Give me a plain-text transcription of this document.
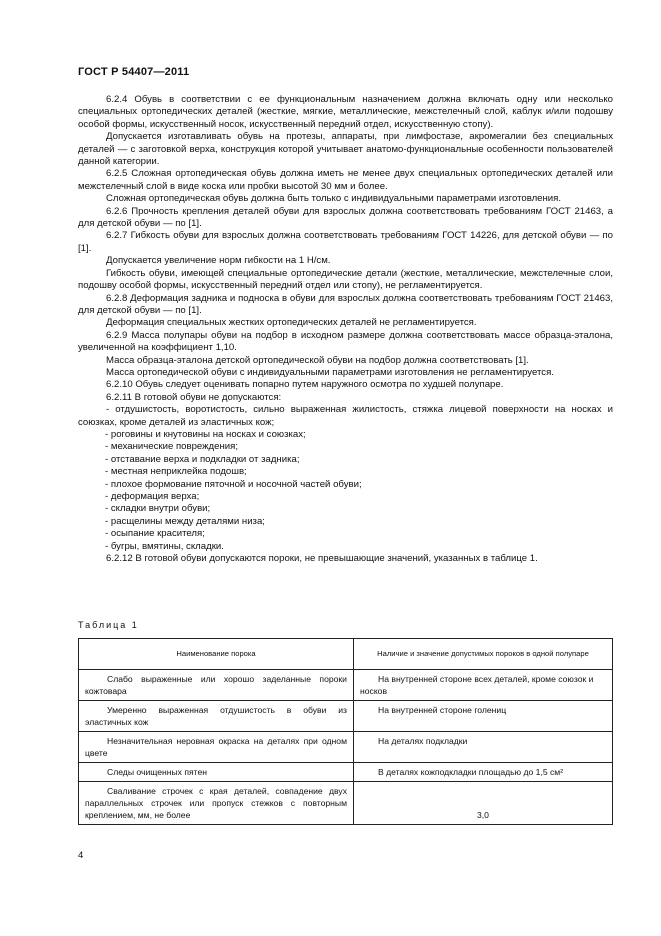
ГОСТ Р 54407—2011

6.2.4 Обувь в соответствии с ее функциональным назначением должна включать одну или несколько специальных ортопедических деталей (жесткие, мягкие, металлические, межстелечный слой, каблук и/или подошву особой формы, искусственный носок, искусственный передний отдел, искусственную стопу).

Допускается изготавливать обувь на протезы, аппараты, при лимфостазе, акромегалии без специальных деталей — с заготовкой верха, конструкция которой учитывает анатомо-функциональные особенности пользователей данной категории.

6.2.5 Сложная ортопедическая обувь должна иметь не менее двух специальных ортопедических деталей или межстелечный слой в виде коска или пробки высотой 30 мм и более.

Сложная ортопедическая обувь должна быть только с индивидуальными параметрами изготовления.

6.2.6 Прочность крепления деталей обуви для взрослых должна соответствовать требованиям ГОСТ 21463, а для детской обуви — по [1].

6.2.7 Гибкость обуви для взрослых должна соответствовать требованиям ГОСТ 14226, для детской обуви — по [1].

Допускается увеличение норм гибкости на 1 Н/см.

Гибкость обуви, имеющей специальные ортопедические детали (жесткие, металлические, межстелечные слои, подошву особой формы, искусственный передний отдел или стопу), не регламентируется.

6.2.8 Деформация задника и подноска в обуви для взрослых должна соответствовать требованиям ГОСТ 21463, для детской обуви — по [1].

Деформация специальных жестких ортопедических деталей не регламентируется.

6.2.9 Масса полупары обуви на подбор в исходном размере должна соответствовать массе образца-эталона, увеличенной на коэффициент 1,10.

Масса образца-эталона детской ортопедической обуви на подбор должна соответствовать [1].

Масса ортопедической обуви с индивидуальными параметрами изготовления не регламентируется.

6.2.10 Обувь следует оценивать попарно путем наружного осмотра по худшей полупаре.

6.2.11 В готовой обуви не допускаются:

- отдушистость, воротистость, сильно выраженная жилистость, стяжка лицевой поверхности на носках и союзках, кроме деталей из эластичных кож;

- роговины и кнутовины на носках и союзках;

- механические повреждения;

- отставание верха и подкладки от задника;

- местная неприклейка подошв;

- плохое формование пяточной и носочной частей обуви;

- деформация верха;

- складки внутри обуви;

- расщелины между деталями низа;

- осыпание красителя;

- бугры, вмятины, складки.

6.2.12 В готовой обуви допускаются пороки, не превышающие значений, указанных в таблице 1.

Таблица 1
Наименование порока	Наличие и значение допустимых пороков в одной полупаре

Слабо выраженные или хорошо заделанные пороки кожтовара	На внутренней стороне всех деталей, кроме союзок и носков

Умеренно выраженная отдушистость в обуви из эластичных кож	На внутренней стороне голениц

Незначительная неровная окраска на деталях при одном цвете	На деталях подкладки

Следы очищенных пятен	В деталях кожподкладки площадью до 1,5 см²

Сваливание строчек с края деталей, совпадение двух параллельных строчек или пропуск стежков с повторным креплением, мм, не более	3,0
4
